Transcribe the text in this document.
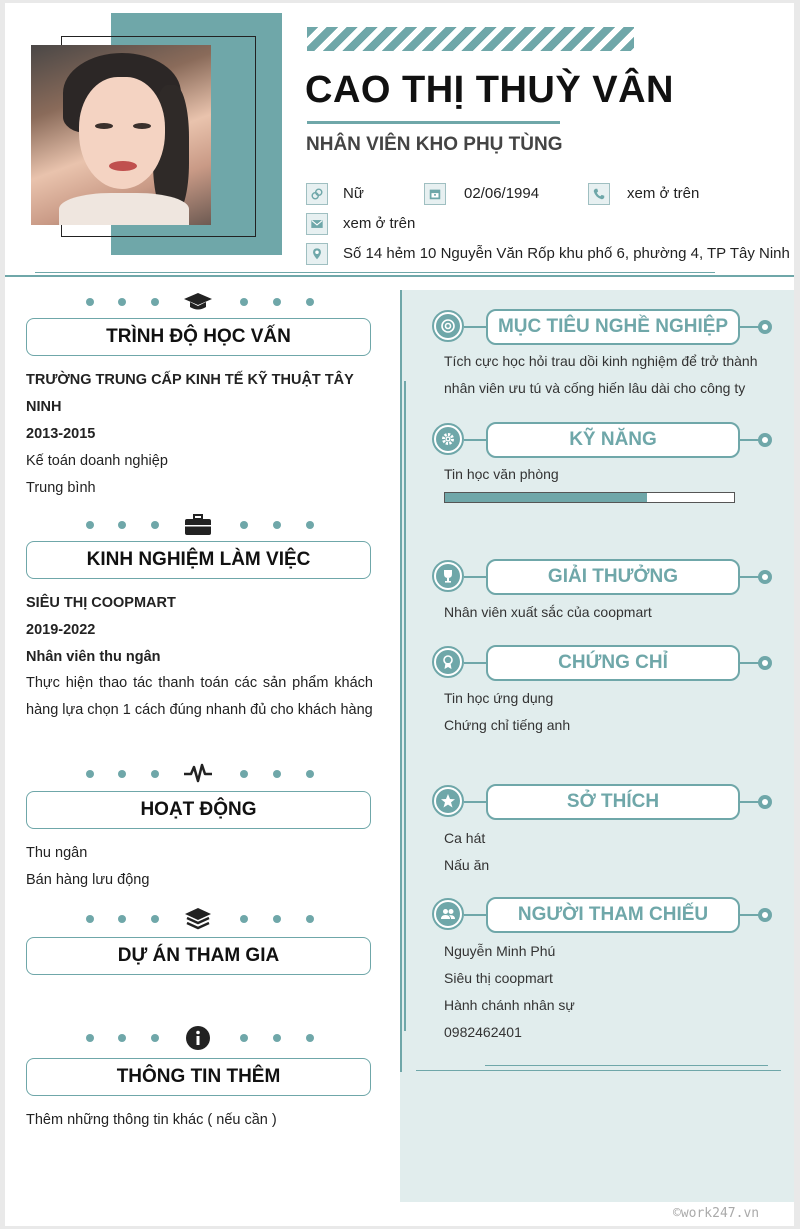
CAO THỊ THUỲ VÂN
NHÂN VIÊN KHO PHỤ TÙNG
Nữ	02/06/1994	xem ở trên
xem ở trên
Số 14 hẻm 10 Nguyễn Văn Rốp khu phố 6, phường 4, TP Tây Ninh
TRÌNH ĐỘ HỌC VẤN
TRƯỜNG TRUNG CẤP KINH TẾ KỸ THUẬT TÂY
NINH
2013-2015
Kế toán doanh nghiệp
Trung bình
KINH NGHIỆM LÀM VIỆC
SIÊU THỊ COOPMART
2019-2022
Nhân viên thu ngân
Thực hiện thao tác thanh toán các sản phẩm khách hàng lựa chọn 1 cách đúng nhanh đủ cho khách hàng
HOẠT ĐỘNG
Thu ngân
Bán hàng lưu động
DỰ ÁN THAM GIA
THÔNG TIN THÊM
Thêm những thông tin khác ( nếu cần )
MỤC TIÊU NGHỀ NGHIỆP
Tích cực học hỏi trau dồi kinh nghiệm để trở thành nhân viên ưu tú và cống hiến lâu dài cho công ty
KỸ NĂNG
Tin học văn phòng
GIẢI THƯỞNG
Nhân viên xuất sắc của coopmart
CHỨNG CHỈ
Tin học ứng dụng
Chứng chỉ tiếng anh
SỞ THÍCH
Ca hát
Nấu ăn
NGƯỜI THAM CHIẾU
Nguyễn Minh Phú
Siêu thị coopmart
Hành chánh nhân sự
0982462401
©work247.vn
